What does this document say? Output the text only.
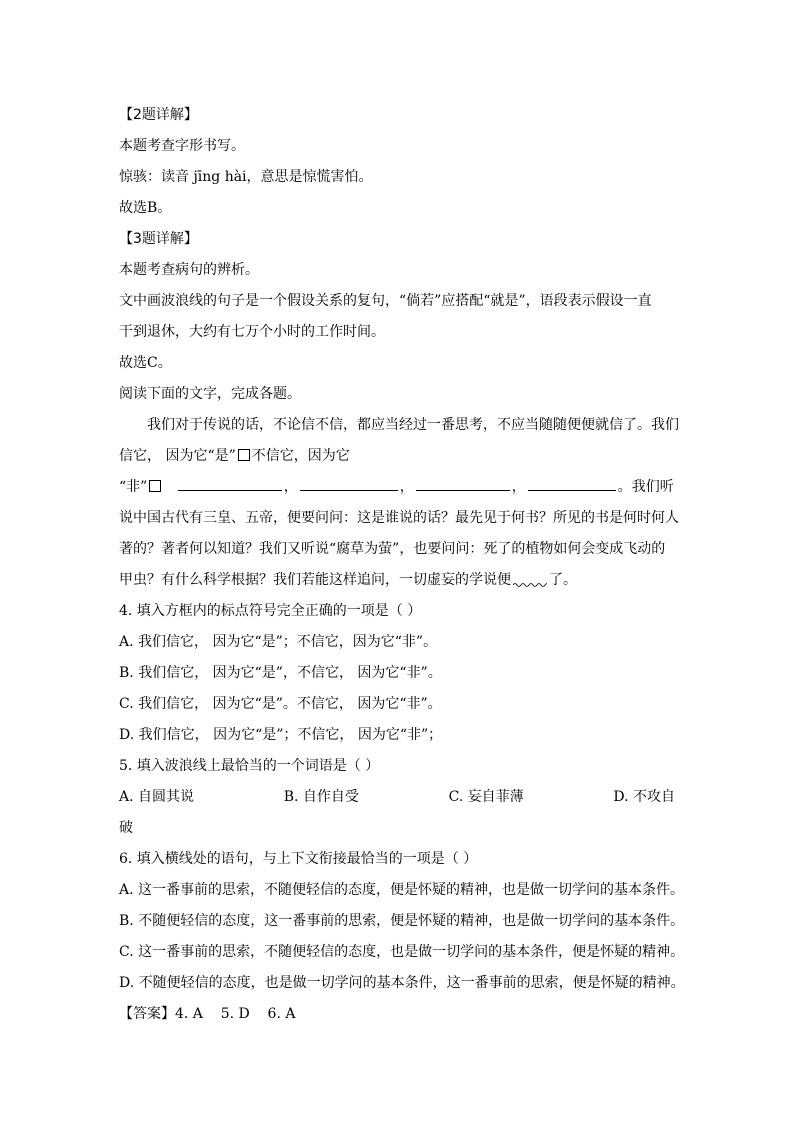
【2题详解】
本题考查字形书写。
惊骇：读音 jīng hài，意思是惊慌害怕。
故选B。
【3题详解】
本题考查病句的辨析。
文中画波浪线的句子是一个假设关系的复句，“倘若”应搭配“就是”，语段表示假设一直
干到退休，大约有七万个小时的工作时间。
故选C。
阅读下面的文字，完成各题。
我们对于传说的话，不论信不信，都应当经过一番思考，不应当随随便便就信了。我们
信它， 因为它“是” 不信它，因为它
“非”	，	，	，	。我们听
说中国古代有三皇、五帝，便要问问：这是谁说的话？最先见于何书？所见的书是何时何人
著的？著者何以知道？我们又听说“腐草为萤”，也要问问：死了的植物如何会变成飞动的
甲虫？有什么科学根据？我们若能这样追问，一切虚妄的学说便	了。
4. 填入方框内的标点符号完全正确的一项是（ ）
A. 我们信它， 因为它“是”；不信它，因为它“非”。
B. 我们信它， 因为它“是”，不信它， 因为它“非”。
C. 我们信它， 因为它“是”。不信它， 因为它“非”。
D. 我们信它， 因为它“是”；不信它， 因为它“非”；
5. 填入波浪线上最恰当的一个词语是（ ）
A. 自圆其说	B. 自作自受	C. 妄自菲薄	D. 不攻自
破
6. 填入横线处的语句，与上下文衔接最恰当的一项是（ ）
A. 这一番事前的思索，不随便轻信的态度，便是怀疑的精神，也是做一切学问的基本条件。
B. 不随便轻信的态度，这一番事前的思索，便是怀疑的精神，也是做一切学问的基本条件。
C. 这一番事前的思索，不随便轻信的态度，也是做一切学问的基本条件，便是怀疑的精神。
D. 不随便轻信的态度，也是做一切学问的基本条件，这一番事前的思索，便是怀疑的精神。
【答案】4. A    5. D    6. A
